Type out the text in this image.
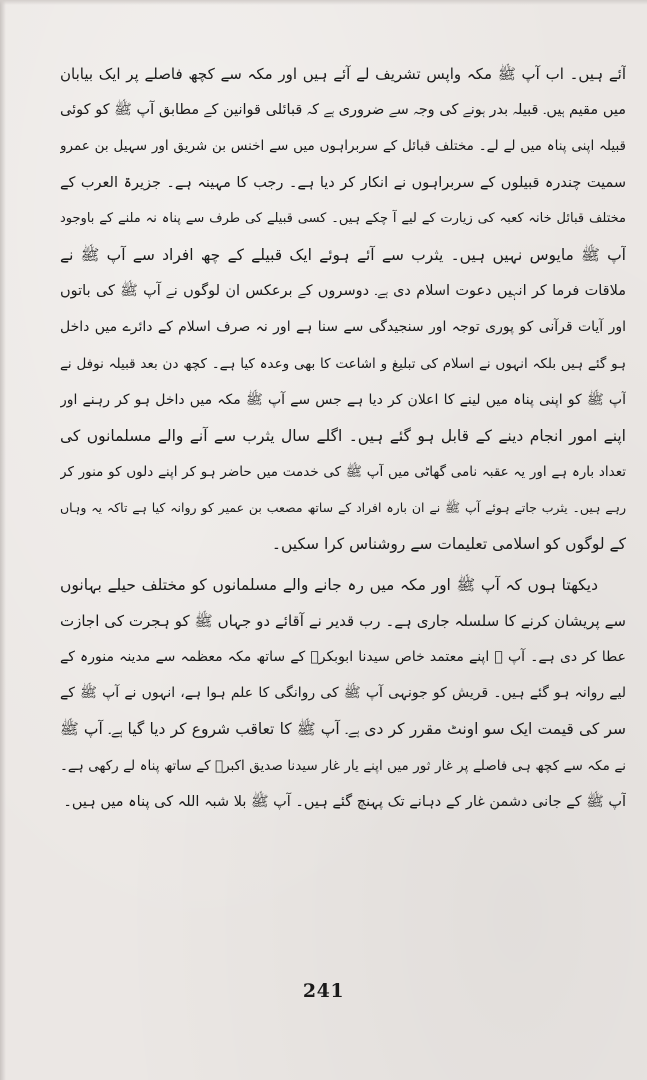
آئے ہیں۔ اب آپ ﷺ مکہ واپس تشریف لے آئے ہیں اور مکہ سے کچھ فاصلے پر ایک بیابان
میں مقیم ہیں۔ قبیلہ بدر ہونے کی وجہ سے ضروری ہے کہ قبائلی قوانین کے مطابق آپ ﷺ کو کوئی
قبیلہ اپنی پناہ میں لے لے۔ مختلف قبائل کے سربراہوں میں سے اخنس بن شریق اور سہیل بن عمرو
سمیت چندرہ قبیلوں کے سربراہوں نے انکار کر دیا ہے۔ رجب کا مہینہ ہے۔ جزیرۃ العرب کے
مختلف قبائل خانہ کعبہ کی زیارت کے لیے آ چکے ہیں۔ کسی قبیلے کی طرف سے پناہ نہ ملنے کے باوجود
آپ ﷺ مایوس نہیں ہیں۔ یثرب سے آئے ہوئے ایک قبیلے کے چھ افراد سے آپ ﷺ نے
ملاقات فرما کر انہیں دعوت اسلام دی ہے۔ دوسروں کے برعکس ان لوگوں نے آپ ﷺ کی باتوں
اور آیات قرآنی کو پوری توجہ اور سنجیدگی سے سنا ہے اور نہ صرف اسلام کے دائرے میں داخل
ہو گئے ہیں بلکہ انہوں نے اسلام کی تبلیغ و اشاعت کا بھی وعدہ کیا ہے۔ کچھ دن بعد قبیلہ نوفل نے
آپ ﷺ کو اپنی پناہ میں لینے کا اعلان کر دیا ہے جس سے آپ ﷺ مکہ میں داخل ہو کر رہنے اور
اپنے امور انجام دینے کے قابل ہو گئے ہیں۔ اگلے سال یثرب سے آنے والے مسلمانوں کی
تعداد بارہ ہے اور یہ عقبہ نامی گھاٹی میں آپ ﷺ کی خدمت میں حاضر ہو کر اپنے دلوں کو منور کر
رہے ہیں۔ یثرب جاتے ہوئے آپ ﷺ نے ان بارہ افراد کے ساتھ مصعب بن عمیر کو روانہ کیا ہے تاکہ یہ وہاں
کے لوگوں کو اسلامی تعلیمات سے روشناس کرا سکیں۔
دیکھتا ہوں کہ آپ ﷺ اور مکہ میں رہ جانے والے مسلمانوں کو مختلف حیلے بہانوں
سے پریشان کرنے کا سلسلہ جاری ہے۔ رب قدیر نے آقائے دو جہاں ﷺ کو ہجرت کی اجازت
عطا کر دی ہے۔ آپ ﷺ اپنے معتمد خاص سیدنا ابوبکرؓ کے ساتھ مکہ معظمہ سے مدینہ منورہ کے
لیے روانہ ہو گئے ہیں۔ قریش کو جونہی آپ ﷺ کی روانگی کا علم ہوا ہے، انہوں نے آپ ﷺ کے
سر کی قیمت ایک سو اونٹ مقرر کر دی ہے۔ آپ ﷺ کا تعاقب شروع کر دیا گیا ہے۔ آپ ﷺ
نے مکہ سے کچھ ہی فاصلے پر غار ثور میں اپنے یار غار سیدنا صدیق اکبرؓ کے ساتھ پناہ لے رکھی ہے۔
آپ ﷺ کے جانی دشمن غار کے دہانے تک پہنچ گئے ہیں۔ آپ ﷺ بلا شبہ اللہ کی پناہ میں ہیں۔
241
